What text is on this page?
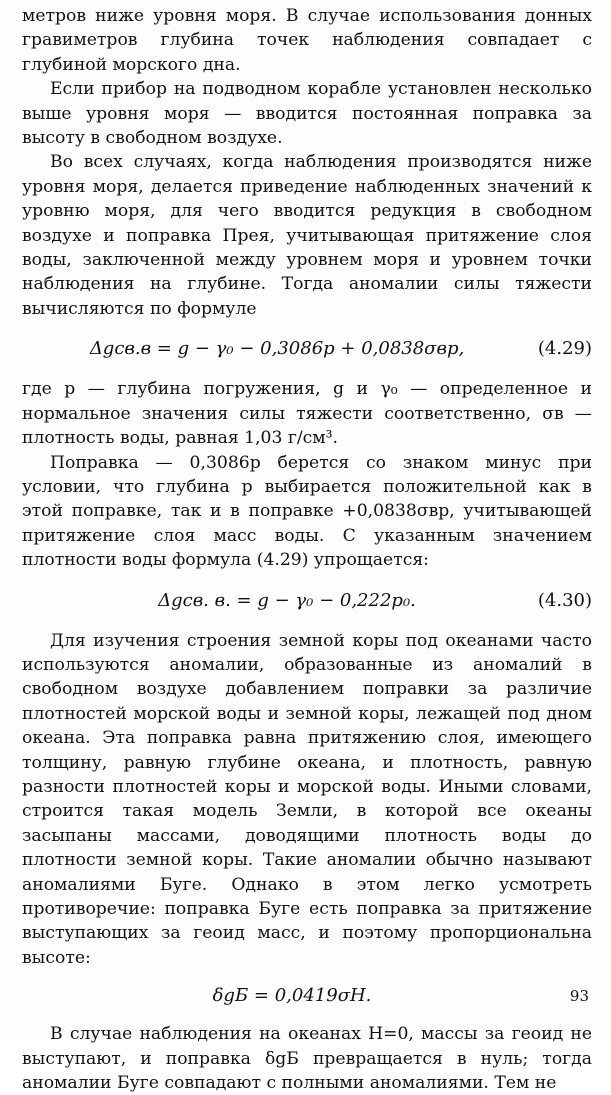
метров ниже уровня моря. В случае использования донных гравиметров глубина точек наблюдения совпадает с глубиной морского дна.

Если прибор на подводном корабле установлен несколько выше уровня моря — вводится постоянная поправка за высоту в свободном воздухе.

Во всех случаях, когда наблюдения производятся ниже уровня моря, делается приведение наблюденных значений к уровню моря, для чего вводится редукция в свободном воздухе и поправка Прея, учитывающая притяжение слоя воды, заключенной между уровнем моря и уровнем точки наблюдения на глубине. Тогда аномалии силы тяжести вычисляются по формуле

Δgсв.в = g − γ₀ − 0,3086p + 0,0838σвp,	(4.29)

где p — глубина погружения, g и γ₀ — определенное и нормальное значения силы тяжести соответственно, σв — плотность воды, равная 1,03 г/см³.

Поправка — 0,3086p берется со знаком минус при условии, что глубина p выбирается положительной как в этой поправке, так и в поправке +0,0838σвp, учитывающей притяжение слоя масс воды. С указанным значением плотности воды формула (4.29) упрощается:

Δgсв. в. = g − γ₀ − 0,222p₀.	(4.30)

Для изучения строения земной коры под океанами часто используются аномалии, образованные из аномалий в свободном воздухе добавлением поправки за различие плотностей морской воды и земной коры, лежащей под дном океана. Эта поправка равна притяжению слоя, имеющего толщину, равную глубине океана, и плотность, равную разности плотностей коры и морской воды. Иными словами, строится такая модель Земли, в которой все океаны засыпаны массами, доводящими плотность воды до плотности земной коры. Такие аномалии обычно называют аномалиями Буге. Однако в этом легко усмотреть противоречие: поправка Буге есть поправка за притяжение выступающих за геоид масс, и поэтому пропорциональна высоте:

δgБ = 0,0419σH.

В случае наблюдения на океанах H=0, массы за геоид не выступают, и поправка δgБ превращается в нуль; тогда аномалии Буге совпадают с полными аномалиями. Тем не

93
